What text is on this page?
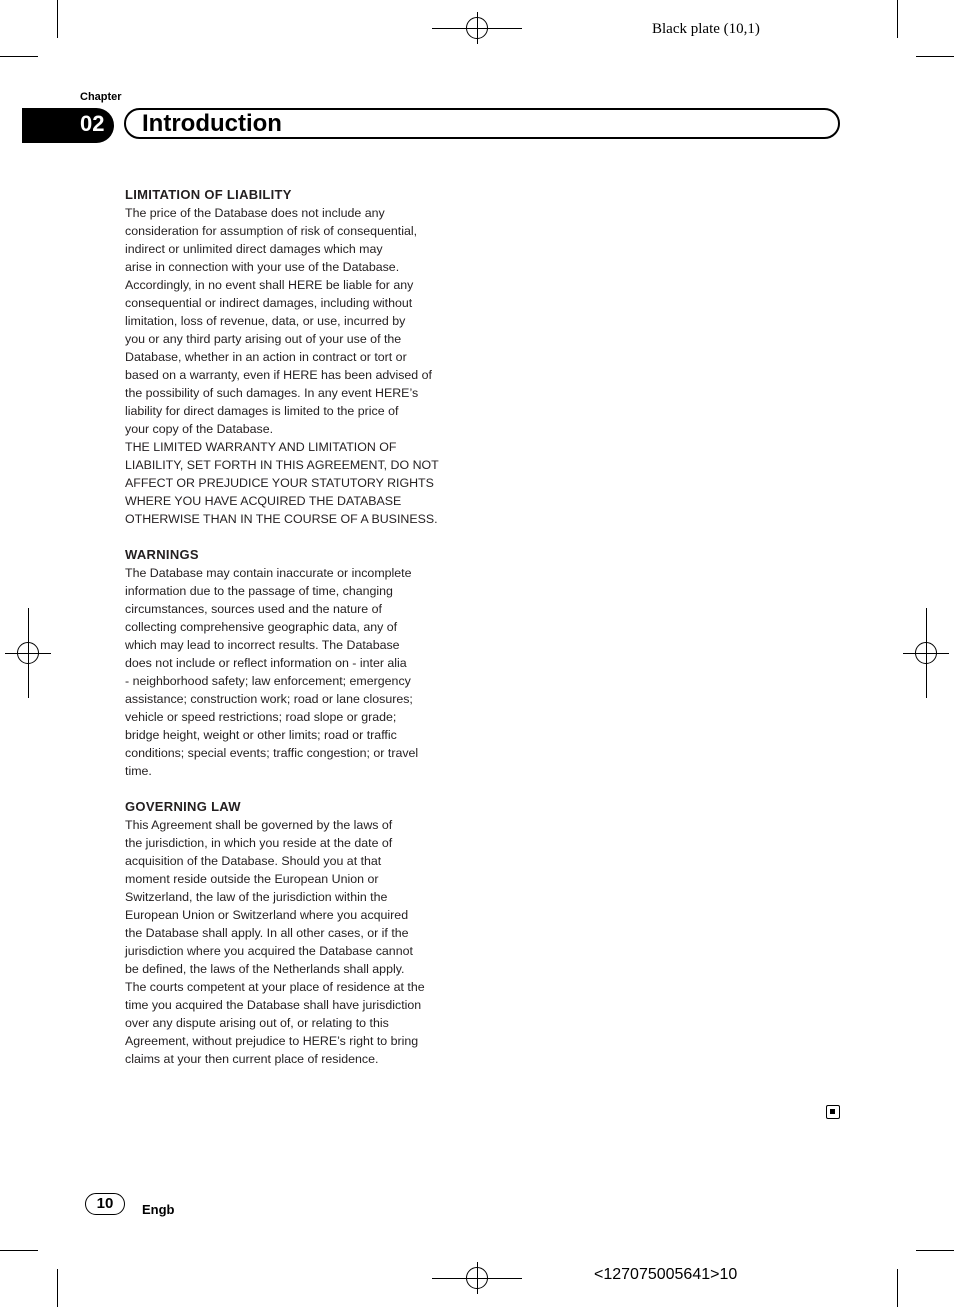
Black plate (10,1)
Chapter
02 Introduction

LIMITATION OF LIABILITY

The price of the Database does not include any
consideration for assumption of risk of consequential,
indirect or unlimited direct damages which may
arise in connection with your use of the Database.
Accordingly, in no event shall HERE be liable for any
consequential or indirect damages, including without
limitation, loss of revenue, data, or use, incurred by
you or any third party arising out of your use of the
Database, whether in an action in contract or tort or
based on a warranty, even if HERE has been advised of
the possibility of such damages. In any event HERE’s
liability for direct damages is limited to the price of
your copy of the Database.

THE LIMITED WARRANTY AND LIMITATION OF
LIABILITY, SET FORTH IN THIS AGREEMENT, DO NOT
AFFECT OR PREJUDICE YOUR STATUTORY RIGHTS
WHERE YOU HAVE ACQUIRED THE DATABASE
OTHERWISE THAN IN THE COURSE OF A BUSINESS.

WARNINGS

The Database may contain inaccurate or incomplete
information due to the passage of time, changing
circumstances, sources used and the nature of
collecting comprehensive geographic data, any of
which may lead to incorrect results. The Database
does not include or reflect information on - inter alia
- neighborhood safety; law enforcement; emergency
assistance; construction work; road or lane closures;
vehicle or speed restrictions; road slope or grade;
bridge height, weight or other limits; road or traffic
conditions; special events; traffic congestion; or travel
time.

GOVERNING LAW

This Agreement shall be governed by the laws of
the jurisdiction, in which you reside at the date of
acquisition of the Database. Should you at that
moment reside outside the European Union or
Switzerland, the law of the jurisdiction within the
European Union or Switzerland where you acquired
the Database shall apply. In all other cases, or if the
jurisdiction where you acquired the Database cannot
be defined, the laws of the Netherlands shall apply.
The courts competent at your place of residence at the
time you acquired the Database shall have jurisdiction
over any dispute arising out of, or relating to this
Agreement, without prejudice to HERE’s right to bring
claims at your then current place of residence.

10	Engb
<127075005641>10
